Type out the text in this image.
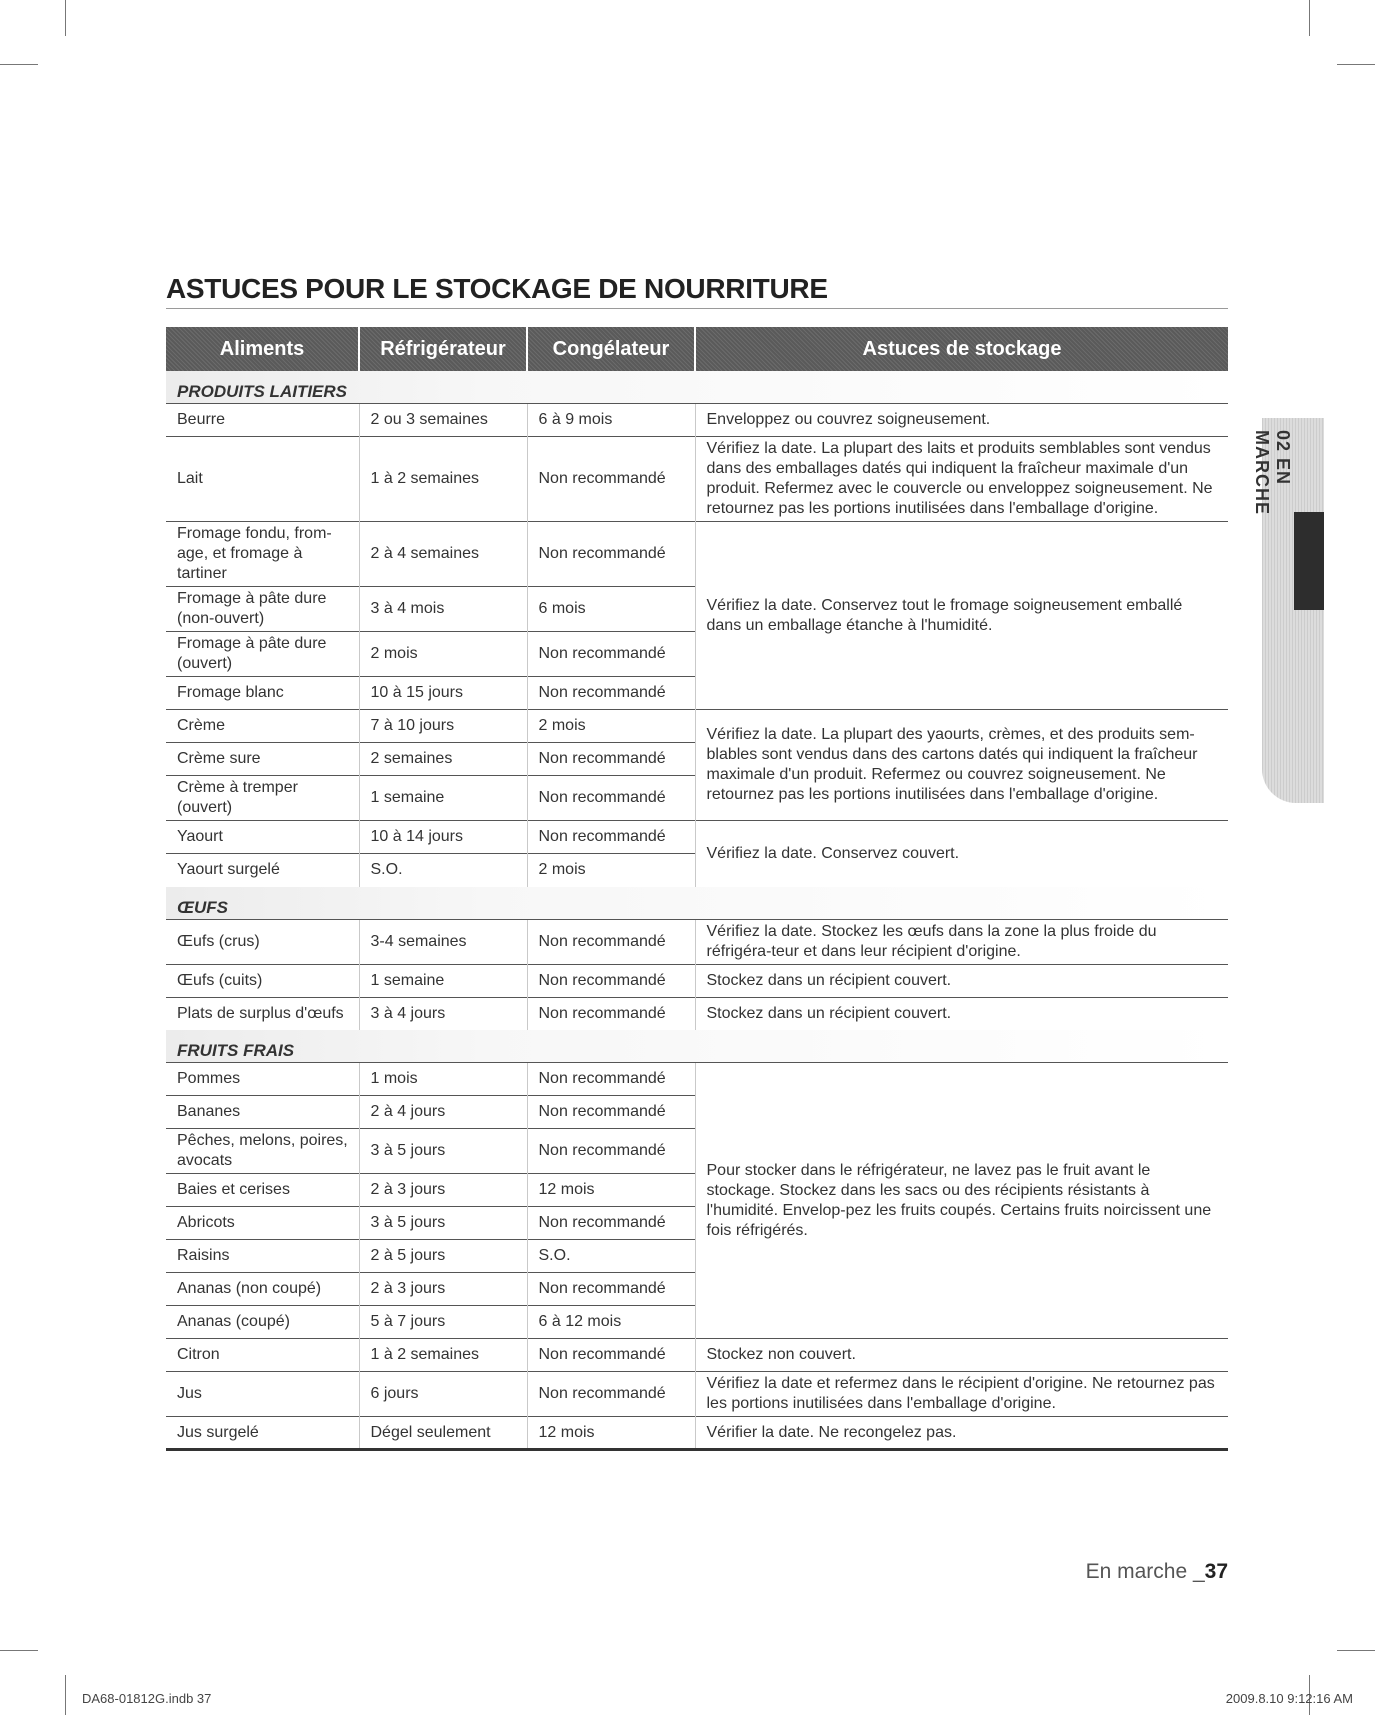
ASTUCES POUR LE STOCKAGE DE NOURRITURE
Aliments	Réfrigérateur	Congélateur	Astuces de stockage
PRODUITS LAITIERS			
Beurre	2 ou 3 semaines	6 à 9 mois	Enveloppez ou couvrez soigneusement.
Lait	1 à 2 semaines	Non recommandé	Vérifiez la date. La plupart des laits et produits semblables sont vendus dans des emballages datés qui indiquent la fraîcheur maximale d'un produit. Refermez avec le couvercle ou enveloppez soigneusement. Ne retournez pas les portions inutilisées dans l'emballage d'origine.
Fromage fondu, from-age, et fromage à tartiner	2 à 4 semaines	Non recommandé	Vérifiez la date. Conservez tout le fromage soigneusement emballé dans un emballage étanche à l'humidité.
Fromage à pâte dure (non-ouvert)	3 à 4 mois	6 mois	
Fromage à pâte dure (ouvert)	2 mois	Non recommandé	
Fromage blanc	10 à 15 jours	Non recommandé	
Crème	7 à 10 jours	2 mois	Vérifiez la date. La plupart des yaourts, crèmes, et des produits sem-blables sont vendus dans des cartons datés qui indiquent la fraîcheur maximale d'un produit. Refermez ou couvrez soigneusement. Ne retournez pas les portions inutilisées dans l'emballage d'origine.
Crème sure	2 semaines	Non recommandé	
Crème à tremper (ouvert)	1 semaine	Non recommandé	
Yaourt	10 à 14 jours	Non recommandé	Vérifiez la date. Conservez couvert.
Yaourt surgelé	S.O.	2 mois	
ŒUFS			
Œufs (crus)	3-4 semaines	Non recommandé	Vérifiez la date. Stockez les œufs dans la zone la plus froide du réfrigéra-teur et dans leur récipient d'origine.
Œufs (cuits)	1 semaine	Non recommandé	Stockez dans un récipient couvert.
Plats de surplus d'œufs	3 à 4 jours	Non recommandé	Stockez dans un récipient couvert.
FRUITS FRAIS			
Pommes	1 mois	Non recommandé	Pour stocker dans le réfrigérateur, ne lavez pas le fruit avant le stockage. Stockez dans les sacs ou des récipients résistants à l'humidité. Envelop-pez les fruits coupés. Certains fruits noircissent une fois réfrigérés.
Bananes	2 à 4 jours	Non recommandé	
Pêches, melons, poires, avocats	3 à 5 jours	Non recommandé	
Baies et cerises	2 à 3 jours	12 mois	
Abricots	3 à 5 jours	Non recommandé	
Raisins	2 à 5 jours	S.O.	
Ananas (non coupé)	2 à 3 jours	Non recommandé	
Ananas (coupé)	5 à 7 jours	6 à 12 mois	
Citron	1 à 2 semaines	Non recommandé	Stockez non couvert.
Jus	6 jours	Non recommandé	Vérifiez la date et refermez dans le récipient d'origine. Ne retournez pas les portions inutilisées dans l'emballage d'origine.
Jus surgelé	Dégel seulement	12 mois	Vérifier la date. Ne recongelez pas.
02 EN MARCHE
En marche _37
DA68-01812G.indb 37	2009.8.10 9:12:16 AM
